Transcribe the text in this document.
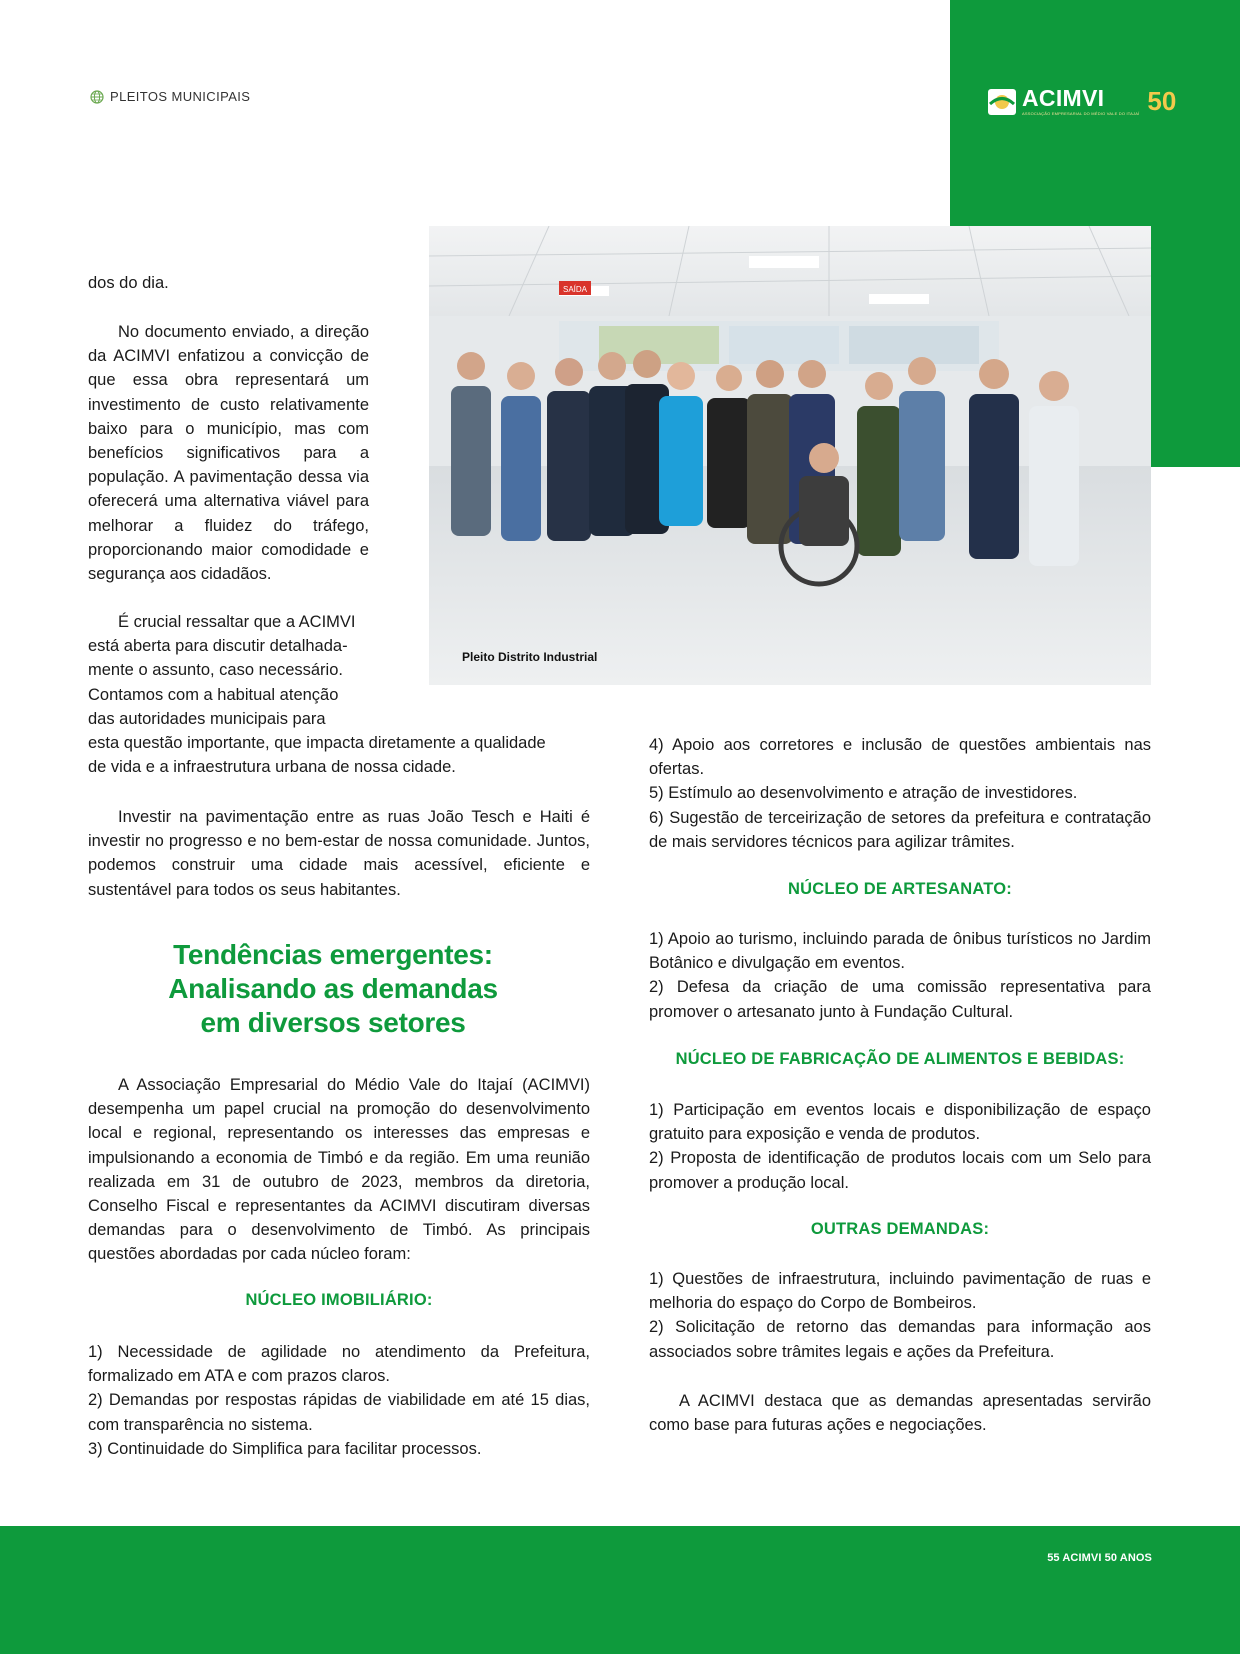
PLEITOS MUNICIPAIS	ACIMVI
ASSOCIAÇÃO EMPRESARIAL DO MÉDIO VALE DO ITAJAÍ 50
SAÍDA
Pleito Distrito Industrial
dos do dia.
No documento enviado, a direção da ACIMVI enfatizou a convicção de que essa obra representará um investimento de custo relativamente baixo para o município, mas com benefícios significativos para a população. A pavimentação dessa via oferecerá uma alternativa viável para melhorar a fluidez do tráfego, proporcionando maior comodidade e segurança aos cidadãos.
É crucial ressaltar que a ACIMVI
está aberta para discutir detalhada-
mente o assunto, caso necessário.
Contamos com a habitual atenção
das autoridades municipais para
esta questão importante, que impacta diretamente a qualidade
de vida e a infraestrutura urbana de nossa cidade.
Investir na pavimentação entre as ruas João Tesch e Haiti é investir no progresso e no bem-estar de nossa comunidade. Juntos, podemos construir uma cidade mais acessível, eficiente e sustentável para todos os seus habitantes.
Tendências emergentes:
Analisando as demandas
em diversos setores
A Associação Empresarial do Médio Vale do Itajaí (ACIMVI) desempenha um papel crucial na promoção do desenvolvimento local e regional, representando os interesses das empresas e impulsionando a economia de Timbó e da região. Em uma reunião realizada em 31 de outubro de 2023, membros da diretoria, Conselho Fiscal e representantes da ACIMVI discutiram diversas demandas para o desenvolvimento de Timbó. As principais questões abordadas por cada núcleo foram:
NÚCLEO IMOBILIÁRIO:
1) Necessidade de agilidade no atendimento da Prefeitura, formalizado em ATA e com prazos claros.
2) Demandas por respostas rápidas de viabilidade em até 15 dias, com transparência no sistema.
3) Continuidade do Simplifica para facilitar processos.
4) Apoio aos corretores e inclusão de questões ambientais nas ofertas.
5) Estímulo ao desenvolvimento e atração de investidores.
6) Sugestão de terceirização de setores da prefeitura e contratação de mais servidores técnicos para agilizar trâmites.
NÚCLEO DE ARTESANATO:
1) Apoio ao turismo, incluindo parada de ônibus turísticos no Jardim Botânico e divulgação em eventos.
2) Defesa da criação de uma comissão representativa para promover o artesanato junto à Fundação Cultural.
NÚCLEO DE FABRICAÇÃO DE ALIMENTOS E BEBIDAS:
1) Participação em eventos locais e disponibilização de espaço gratuito para exposição e venda de produtos.
2) Proposta de identificação de produtos locais com um Selo para promover a produção local.
OUTRAS DEMANDAS:
1) Questões de infraestrutura, incluindo pavimentação de ruas e melhoria do espaço do Corpo de Bombeiros.
2) Solicitação de retorno das demandas para informação aos associados sobre trâmites legais e ações da Prefeitura.
A ACIMVI destaca que as demandas apresentadas servirão como base para futuras ações e negociações.
55 ACIMVI 50 ANOS
